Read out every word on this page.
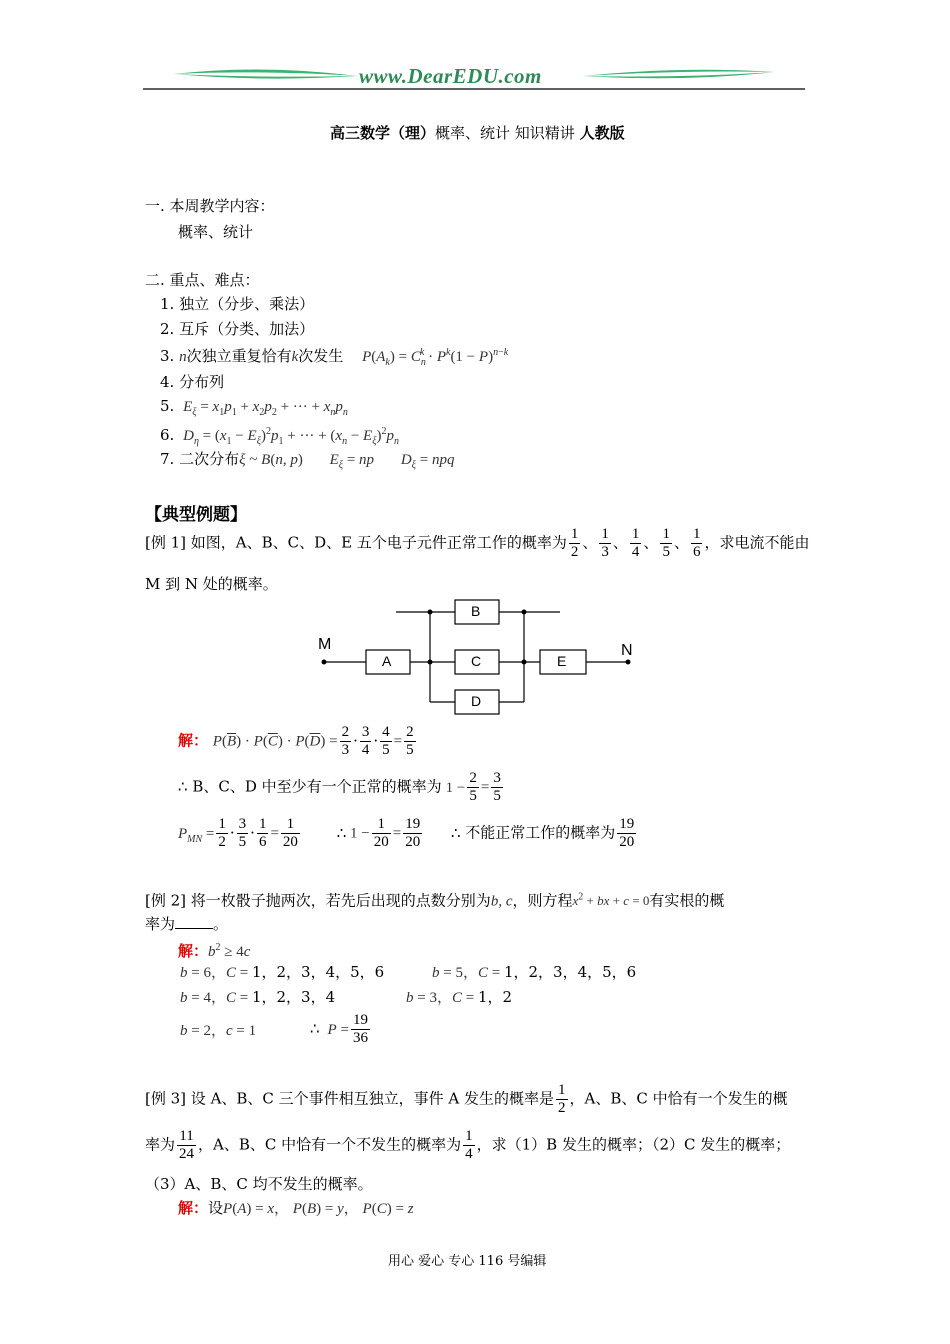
www.DearEDU.com
高三数学（理）概率、统计 知识精讲 人教版
一. 本周教学内容：
概率、统计
二. 重点、难点：
1. 独立（分步、乘法）
2. 互斥（分类、加法）
3. n次独立重复恰有k次发生 $P(A_k) = C_n^k \cdot P^k(1 - P)^{n-k}$
4. 分布列
5. $E_\xi = x_1p_1 + x_2p_2$ + ··· + $x_np_n$
6. $D_\eta = (x_1 - E_\xi)^2p_1$ + ··· + $(x_n - E_\xi)^2p_n$
7. 二次分布ξ ~ B(n, p) $E_\xi$ = np $D_\xi$ = npq
【典型例题】
[例 1] 如图，A、B、C、D、E 五个电子元件正常工作的概率为 $\frac{1}{2}$ 、 $\frac{1}{3}$ 、 $\frac{1}{4}$ 、 $\frac{1}{5}$ 、 $\frac{1}{6}$ ，求电流不能由
M 到 N 处的概率。
M	N
A
B
C
D
E
解： $P(\overline{B}) \cdot P(\overline{C}) \cdot P(\overline{D}) = \frac{2}{3} \cdot \frac{3}{4} \cdot \frac{4}{5} = \frac{2}{5}$
∴ B、C、D 中至少有一个正常的概率为 $1 - \frac{2}{5} = \frac{3}{5}$
$P_{MN} = \frac{1}{2} \cdot \frac{3}{5} \cdot \frac{1}{6} = \frac{1}{20}$ ∴ $1 - \frac{1}{20} = \frac{19}{20}$ ∴ 不能正常工作的概率为 $\frac{19}{20}$
[例 2] 将一枚骰子抛两次，若先后出现的点数分别为b, c，则方程$x^2$ + bx + c = 0有实根的概
率为	。
解：$b^2 \ge 4c$
b = 6，C = 1，2，3，4，5，6	b = 5，C = 1，2，3，4，5，6
b = 4，C = 1，2，3，4	b = 3，C = 1，2
b = 2，c = 1	∴ $P = \frac{19}{36}$
[例 3] 设 A、B、C 三个事件相互独立，事件 A 发生的概率是 $\frac{1}{2}$ ，A、B、C 中恰有一个发生的概
率为 $\frac{11}{24}$ ，A、B、C 中恰有一个不发生的概率为 $\frac{1}{4}$ ，求（1）B 发生的概率；（2）C 发生的概率；
（3）A、B、C 均不发生的概率。
解：设P(A) = x， P(B) = y， P(C) = z
用心 爱心 专心 116 号编辑
